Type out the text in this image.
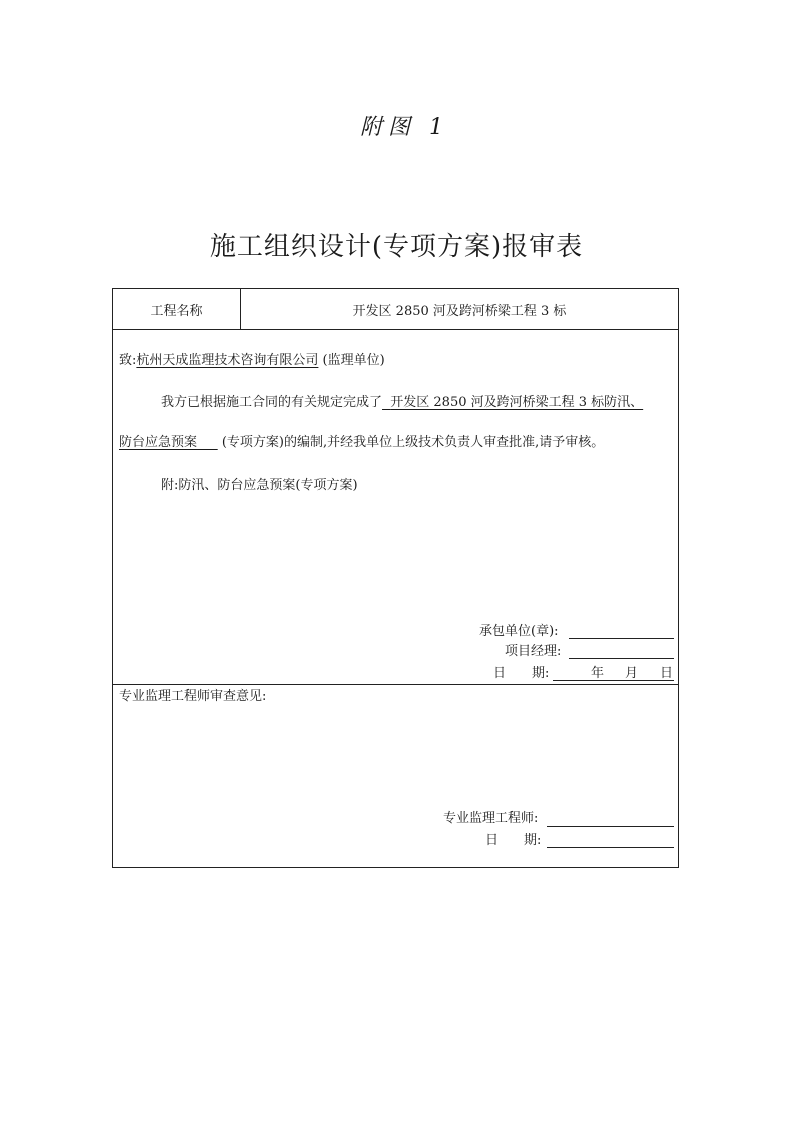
附图 1
施工组织设计(专项方案)报审表
工程名称	开发区 2850 河及跨河桥梁工程 3 标
致:杭州天成监理技术咨询有限公司 (监理单位)
我方已根据施工合同的有关规定完成了 开发区 2850 河及跨河桥梁工程 3 标防汛、
防台应急预案 (专项方案)的编制,并经我单位上级技术负责人审查批准,请予审核。
附:防汛、防台应急预案(专项方案)
承包单位(章):
项目经理:
日　　期:	年 月 日
专业监理工程师审查意见:
专业监理工程师:
日　　期:
